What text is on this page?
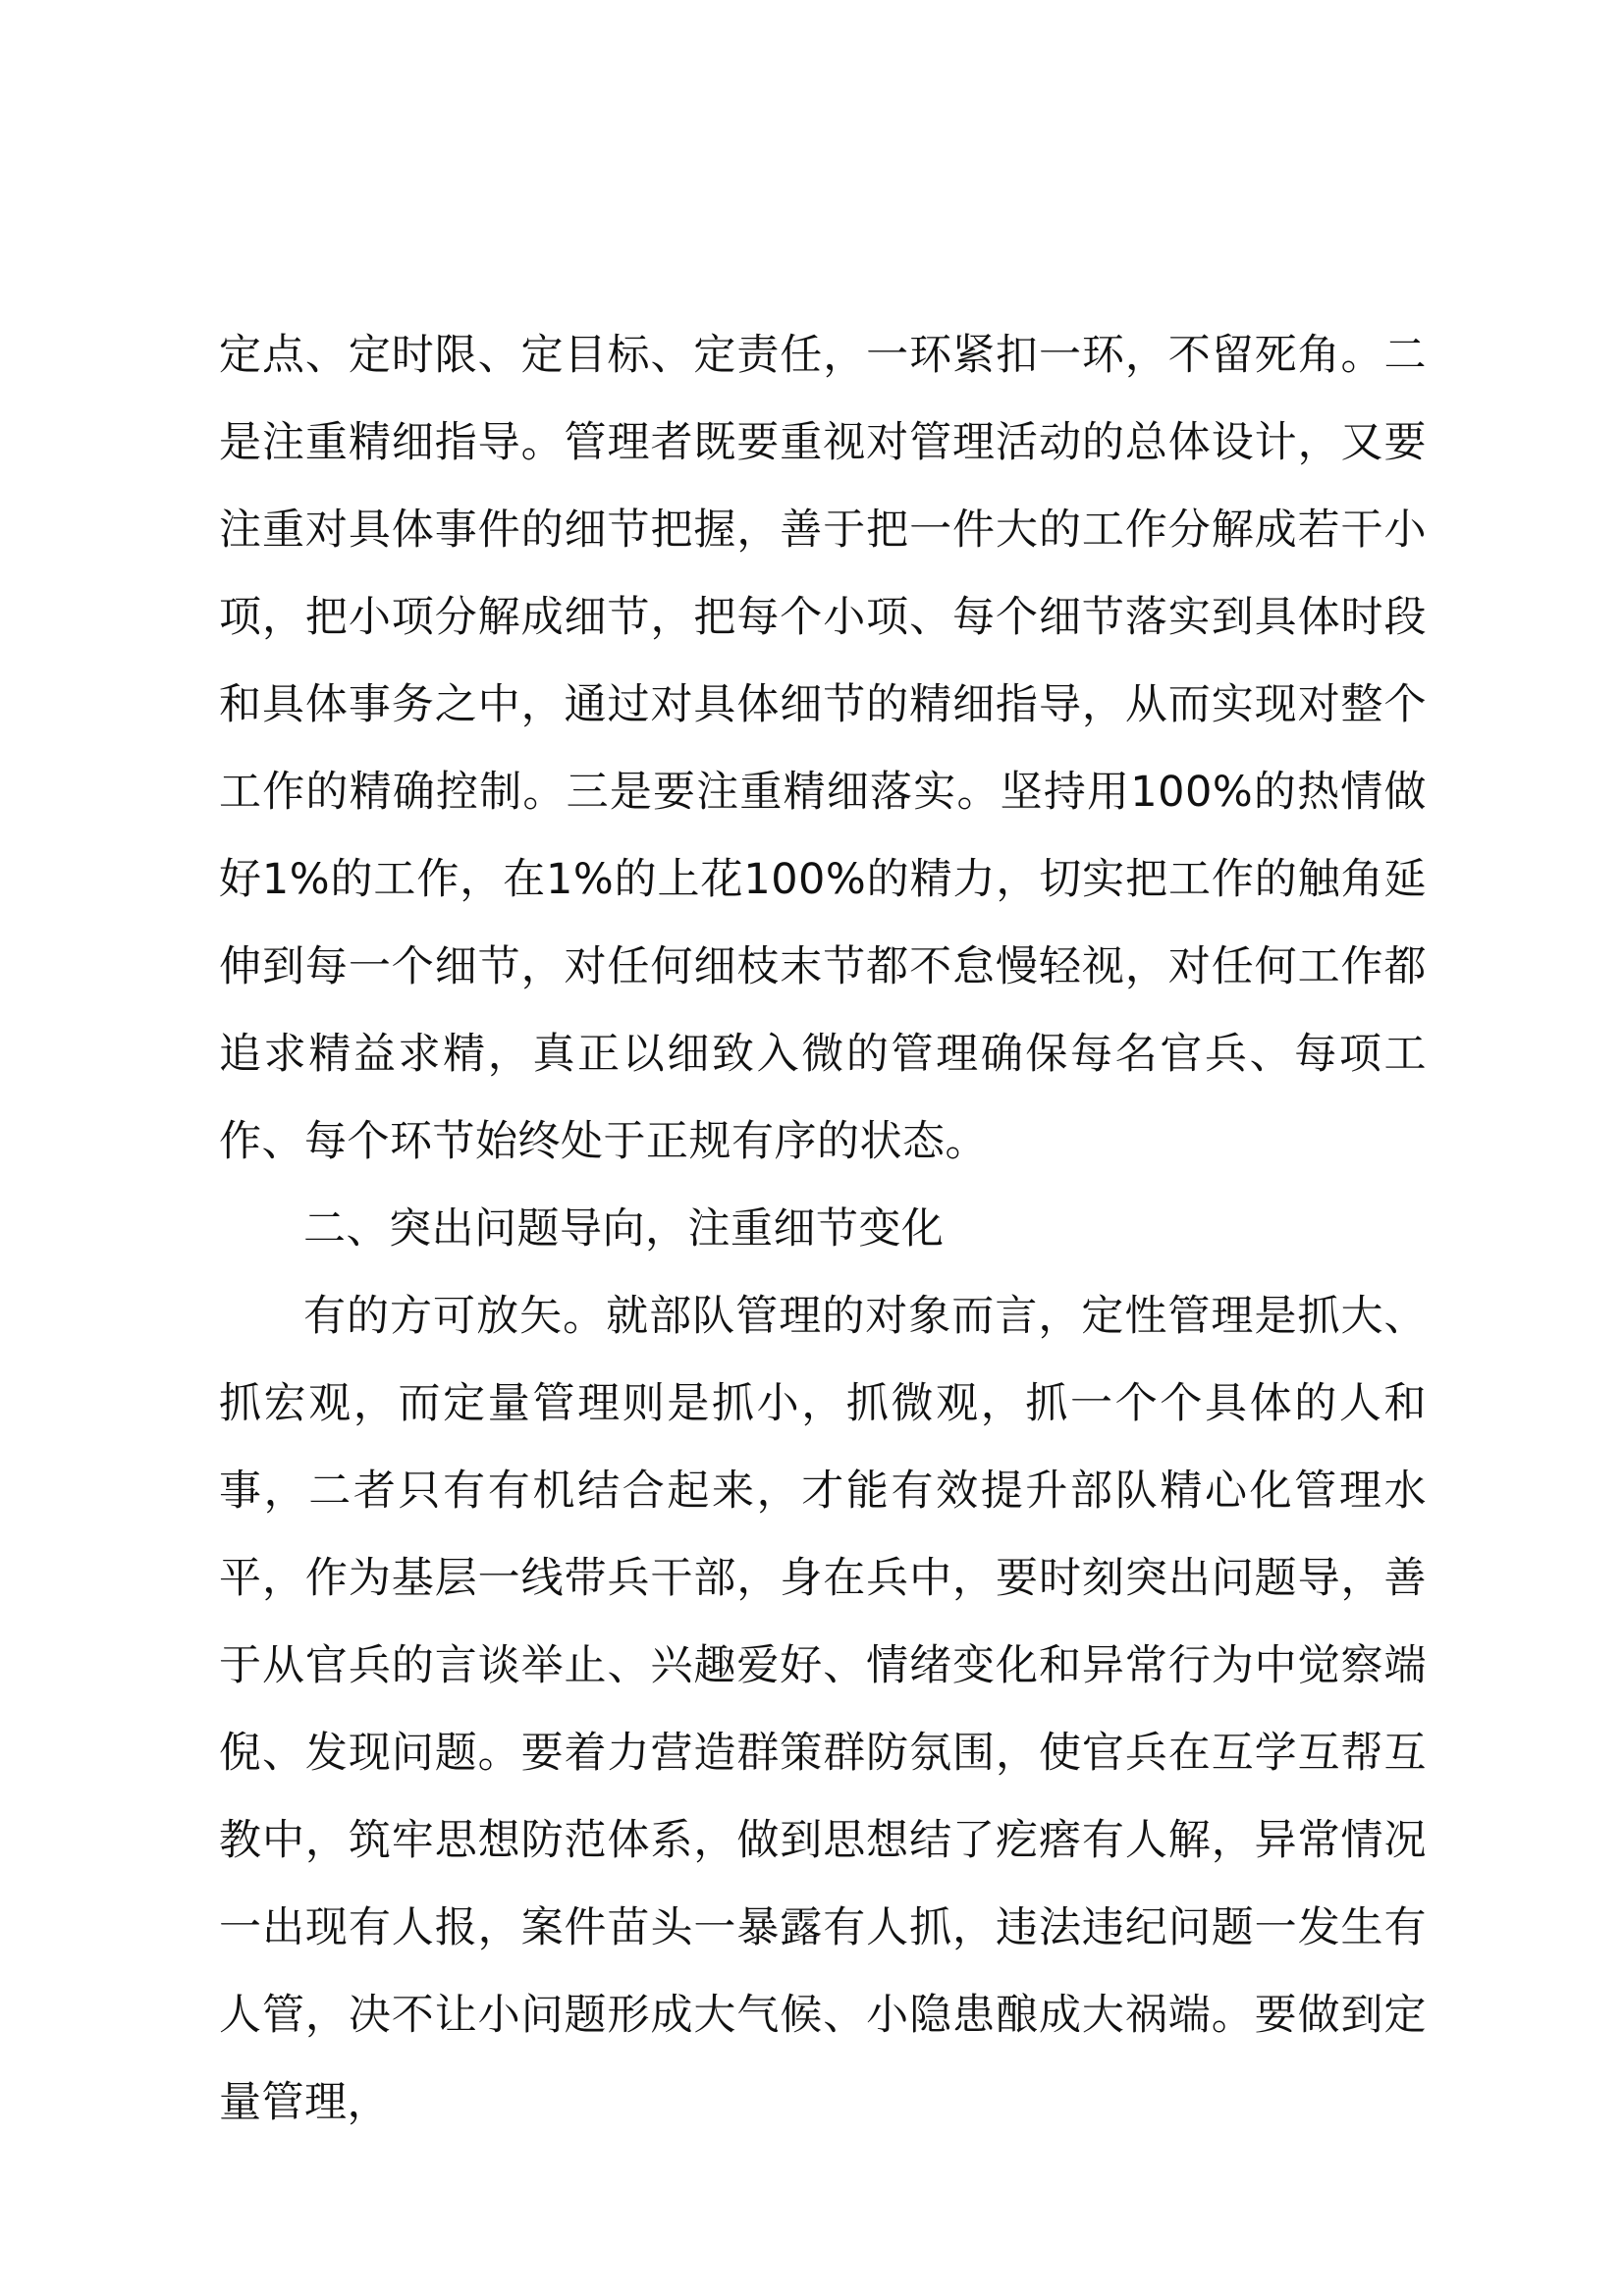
定点、定时限、定目标、定责任，一环紧扣一环，不留死角。二是注重精细指导。管理者既要重视对管理活动的总体设计，又要注重对具体事件的细节把握，善于把一件大的工作分解成若干小项，把小项分解成细节，把每个小项、每个细节落实到具体时段和具体事务之中，通过对具体细节的精细指导，从而实现对整个工作的精确控制。三是要注重精细落实。坚持用100%的热情做好1%的工作，在1%的上花100%的精力，切实把工作的触角延伸到每一个细节，对任何细枝末节都不怠慢轻视，对任何工作都追求精益求精，真正以细致入微的管理确保每名官兵、每项工作、每个环节始终处于正规有序的状态。

二、突出问题导向，注重细节变化

有的方可放矢。就部队管理的对象而言，定性管理是抓大、抓宏观，而定量管理则是抓小，抓微观，抓一个个具体的人和事，二者只有有机结合起来，才能有效提升部队精心化管理水平，作为基层一线带兵干部，身在兵中，要时刻突出问题导，善于从官兵的言谈举止、兴趣爱好、情绪变化和异常行为中觉察端倪、发现问题。要着力营造群策群防氛围，使官兵在互学互帮互教中，筑牢思想防范体系，做到思想结了疙瘩有人解，异常情况一出现有人报，案件苗头一暴露有人抓，违法违纪问题一发生有人管，决不让小问题形成大气候、小隐患酿成大祸端。要做到定量管理，
